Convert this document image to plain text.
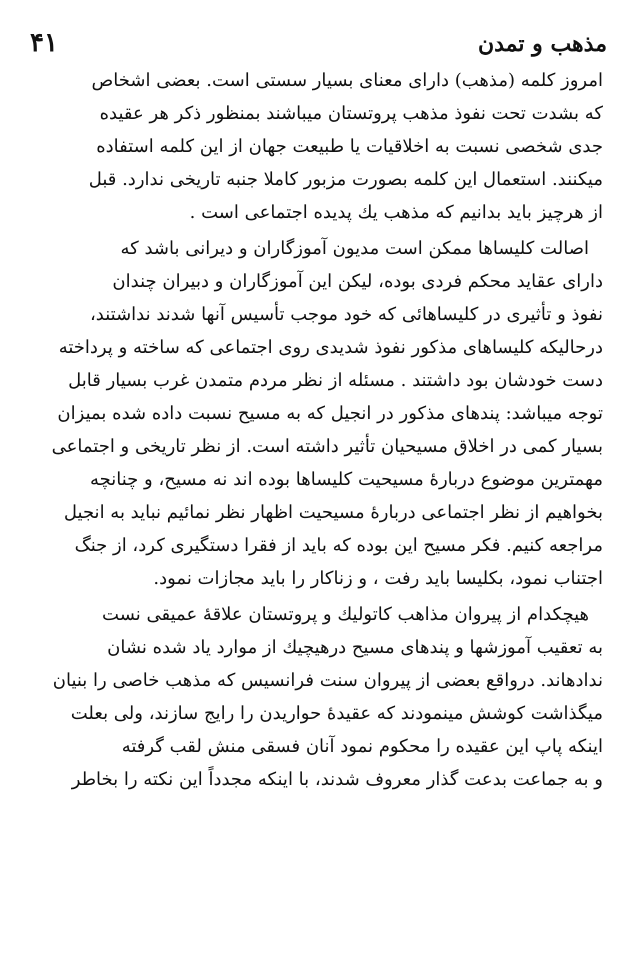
۴۱	مذهب و تمدن
امروز کلمه (مذهب) دارای معنای بسیار سستی است. بعضی اشخاص
که بشدت تحت نفوذ مذهب پروتستان میباشند بمنظور ذکر هر عقیده
جدی شخصی نسبت به اخلاقیات یا طبیعت جهان از این کلمه استفاده
میکنند. استعمال این کلمه بصورت مزبور کاملا جنبه تاریخی ندارد. قبل
از هرچیز باید بدانیم که مذهب یك پدیده اجتماعی است .
اصالت کلیساها ممکن است مدیون آموزگاران و دیرانی باشد که
دارای عقاید محکم فردی بوده، لیکن این آموزگاران و دبیران چندان
نفوذ و تأثیری در کلیساهائی که خود موجب تأسیس آنها شدند نداشتند،
درحالیکه کلیساهای مذکور نفوذ شدیدی روی اجتماعی که ساخته و پرداخته
دست خودشان بود داشتند . مسئله از نظر مردم متمدن غرب بسیار قابل
توجه میباشد: پندهای مذکور در انجیل که به مسیح نسبت داده شده بمیزان
بسیار کمی در اخلاق مسیحیان تأثیر داشته است. از نظر تاریخی و اجتماعی
مهمترین موضوع دربارهٔ مسیحیت کلیساها بوده اند نه مسیح، و چنانچه
بخواهیم از نظر اجتماعی دربارهٔ مسیحیت اظهار نظر نمائیم نباید به انجیل
مراجعه کنیم. فکر مسیح این بوده که باید از فقرا دستگیری کرد، از جنگ
اجتناب نمود، بکلیسا باید رفت ، و زناکار را باید مجازات نمود.
هیچکدام از پیروان مذاهب کاتولیك و پروتستان علاقهٔ عمیقی نست
به تعقیب آموزشها و پندهای مسیح درهیچیك از موارد یاد شده نشان
ندادهاند. درواقع بعضی از پیروان سنت فرانسیس که مذهب خاصی را بنیان
میگذاشت کوشش مینمودند که عقیدهٔ حواریدن را رایج سازند، ولی بعلت
اینکه پاپ این عقیده را محکوم نمود آنان فسقی منش لقب گرفته
و به جماعت بدعت گذار معروف شدند، با اینکه مجدداً این نکته را بخاطر
